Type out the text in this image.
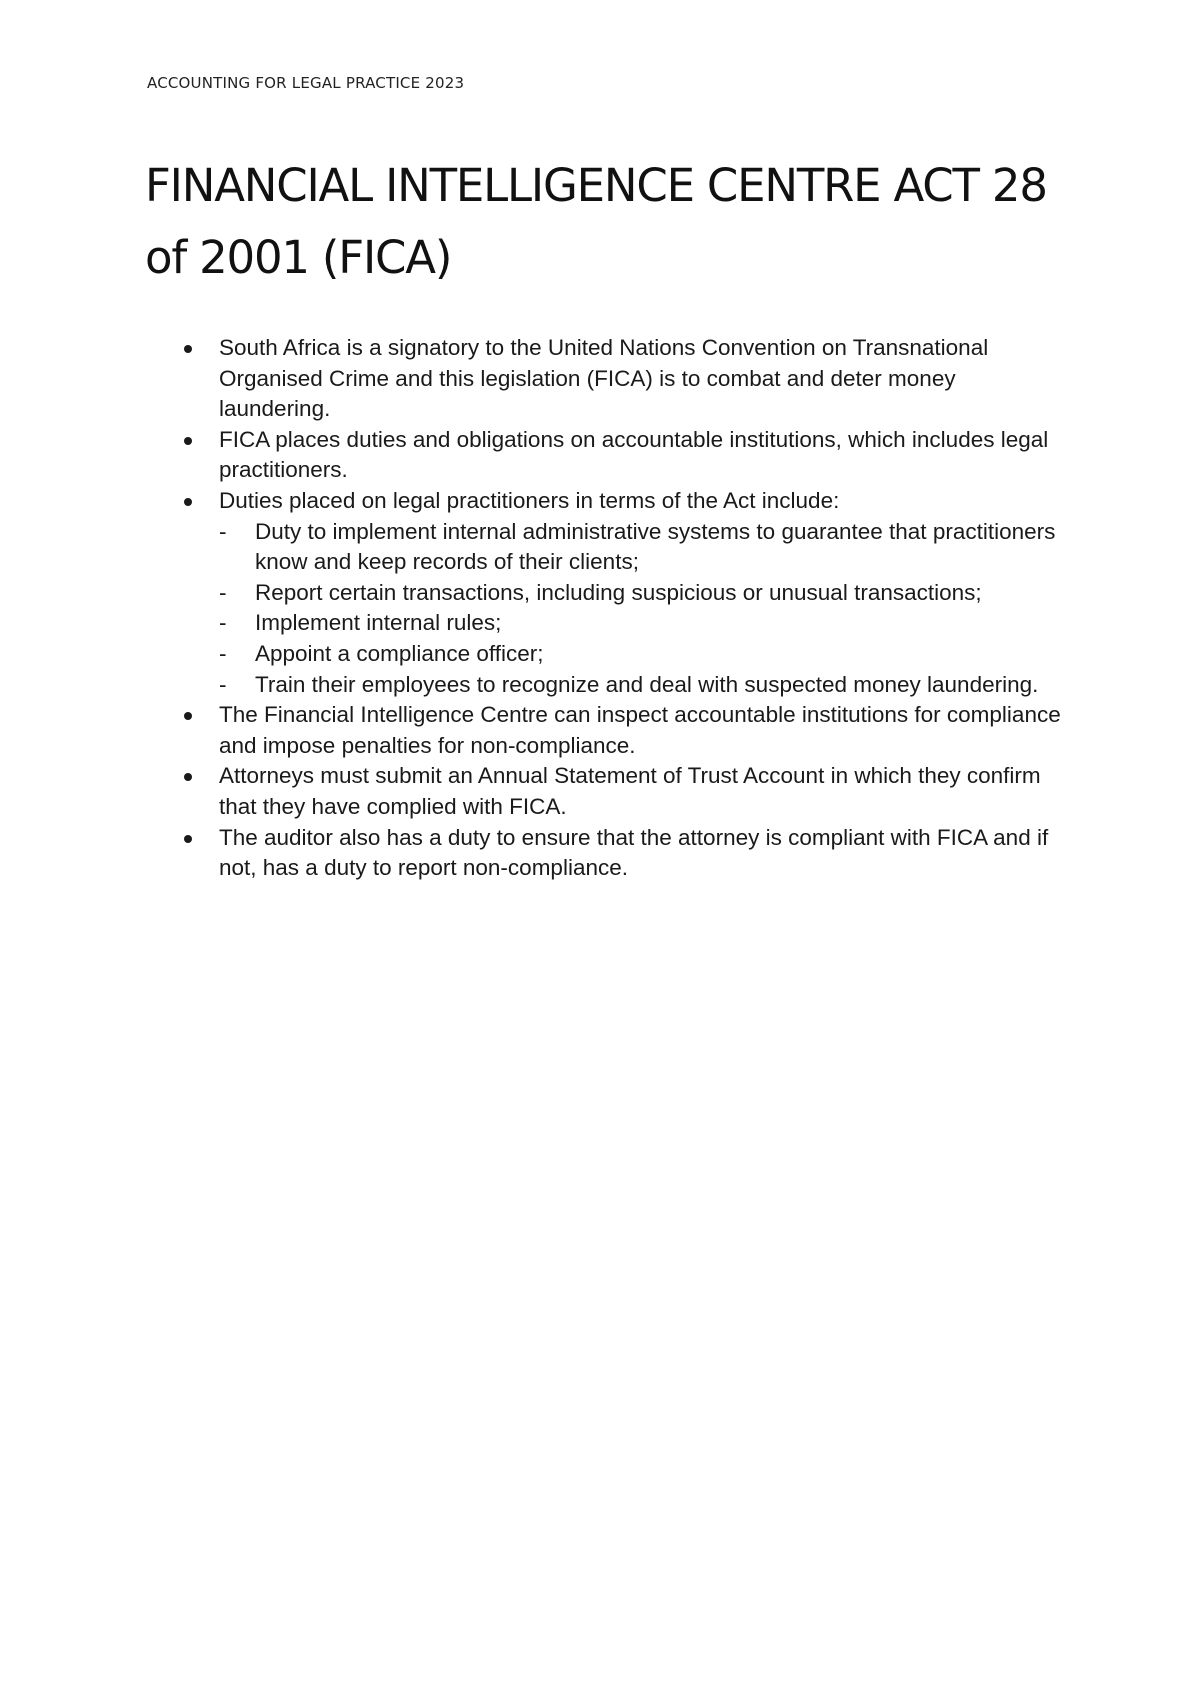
ACCOUNTING FOR LEGAL PRACTICE 2023
FINANCIAL INTELLIGENCE CENTRE ACT 28 of 2001 (FICA)
South Africa is a signatory to the United Nations Convention on Transnational Organised Crime and this legislation (FICA) is to combat and deter money laundering.
FICA places duties and obligations on accountable institutions, which includes legal practitioners.
Duties placed on legal practitioners in terms of the Act include:
- Duty to implement internal administrative systems to guarantee that practitioners know and keep records of their clients;
- Report certain transactions, including suspicious or unusual transactions;
- Implement internal rules;
- Appoint a compliance officer;
- Train their employees to recognize and deal with suspected money laundering.
The Financial Intelligence Centre can inspect accountable institutions for compliance and impose penalties for non-compliance.
Attorneys must submit an Annual Statement of Trust Account in which they confirm that they have complied with FICA.
The auditor also has a duty to ensure that the attorney is compliant with FICA and if not, has a duty to report non-compliance.
